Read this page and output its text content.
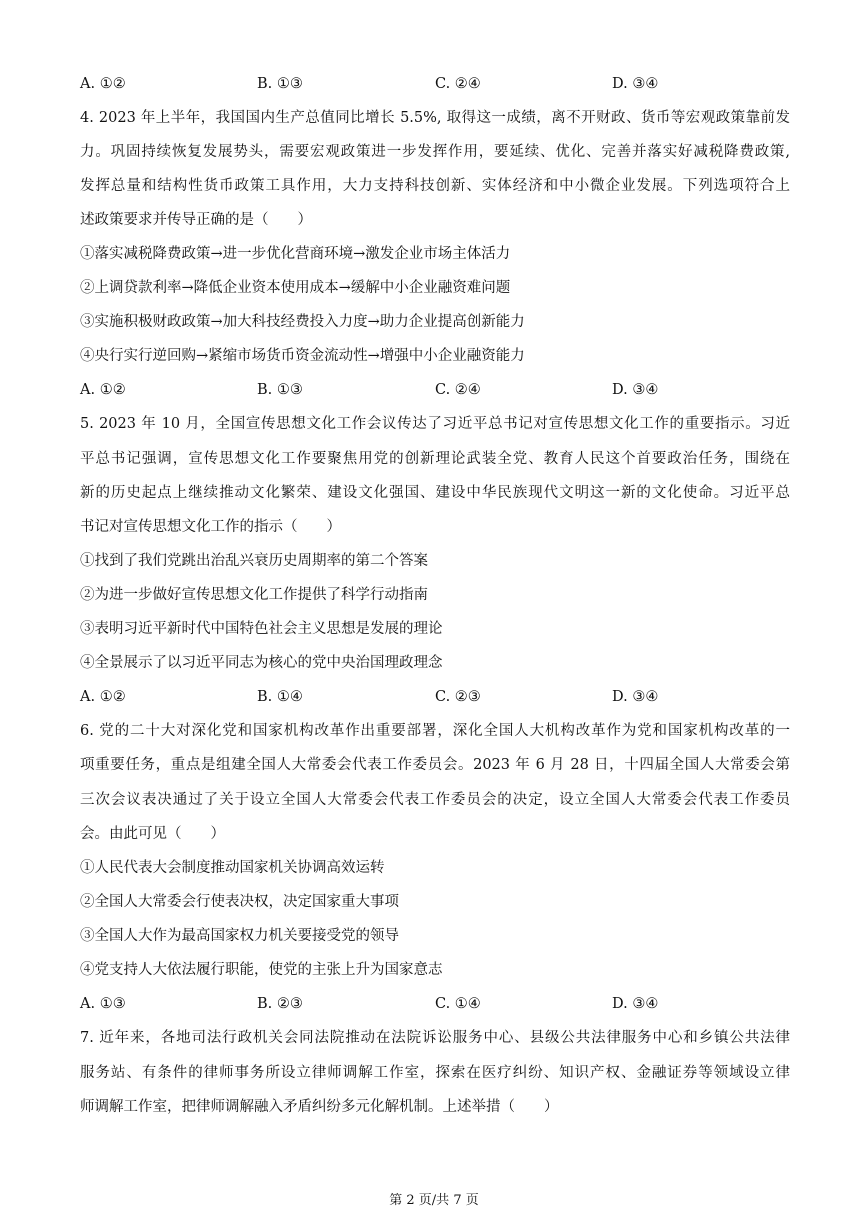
A. ①②	B. ①③	C. ②④	D. ③④
4. 2023 年上半年，我国国内生产总值同比增长 5.5%, 取得这一成绩，离不开财政、货币等宏观政策靠前发
力。巩固持续恢复发展势头，需要宏观政策进一步发挥作用，要延续、优化、完善并落实好减税降费政策,
发挥总量和结构性货币政策工具作用，大力支持科技创新、实体经济和中小微企业发展。下列选项符合上
述政策要求并传导正确的是（　　）
①落实减税降费政策→进一步优化营商环境→激发企业市场主体活力
②上调贷款利率→降低企业资本使用成本→缓解中小企业融资难问题
③实施积极财政政策→加大科技经费投入力度→助力企业提高创新能力
④央行实行逆回购→紧缩市场货币资金流动性→增强中小企业融资能力
A. ①②	B. ①③	C. ②④	D. ③④
5. 2023 年 10 月，全国宣传思想文化工作会议传达了习近平总书记对宣传思想文化工作的重要指示。习近
平总书记强调，宣传思想文化工作要聚焦用党的创新理论武装全党、教育人民这个首要政治任务，围绕在
新的历史起点上继续推动文化繁荣、建设文化强国、建设中华民族现代文明这一新的文化使命。习近平总
书记对宣传思想文化工作的指示（　　）
①找到了我们党跳出治乱兴衰历史周期率的第二个答案
②为进一步做好宣传思想文化工作提供了科学行动指南
③表明习近平新时代中国特色社会主义思想是发展的理论
④全景展示了以习近平同志为核心的党中央治国理政理念
A. ①②	B. ①④	C. ②③	D. ③④
6. 党的二十大对深化党和国家机构改革作出重要部署，深化全国人大机构改革作为党和国家机构改革的一
项重要任务，重点是组建全国人大常委会代表工作委员会。2023 年 6 月 28 日，十四届全国人大常委会第
三次会议表决通过了关于设立全国人大常委会代表工作委员会的决定，设立全国人大常委会代表工作委员
会。由此可见（　　）
①人民代表大会制度推动国家机关协调高效运转
②全国人大常委会行使表决权，决定国家重大事项
③全国人大作为最高国家权力机关要接受党的领导
④党支持人大依法履行职能，使党的主张上升为国家意志
A. ①③	B. ②③	C. ①④	D. ③④
7. 近年来，各地司法行政机关会同法院推动在法院诉讼服务中心、县级公共法律服务中心和乡镇公共法律
服务站、有条件的律师事务所设立律师调解工作室，探索在医疗纠纷、知识产权、金融证券等领域设立律
师调解工作室，把律师调解融入矛盾纠纷多元化解机制。上述举措（　　）
第 2 页/共 7 页
